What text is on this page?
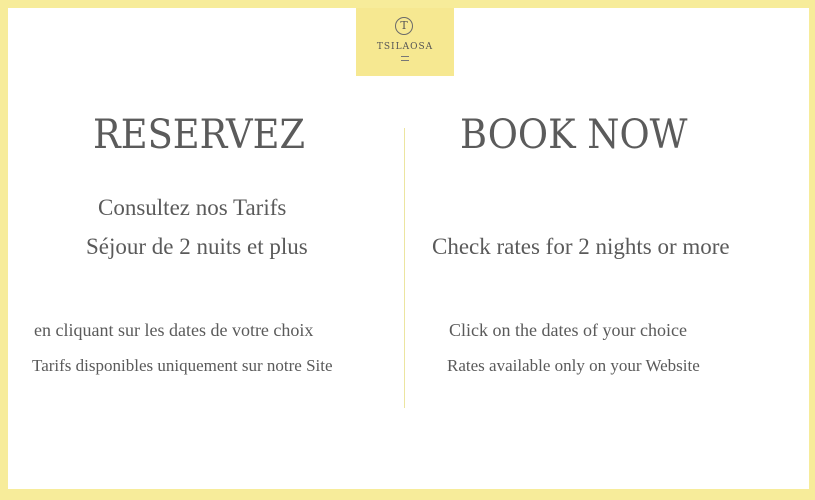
T
TSILAOSA
RESERVEZ
Consultez nos Tarifs
Séjour de 2 nuits et plus
en cliquant sur les dates de votre choix
Tarifs disponibles uniquement sur notre Site
BOOK NOW
Check rates for 2 nights or more
Click on the dates of your choice
Rates available only on your Website
